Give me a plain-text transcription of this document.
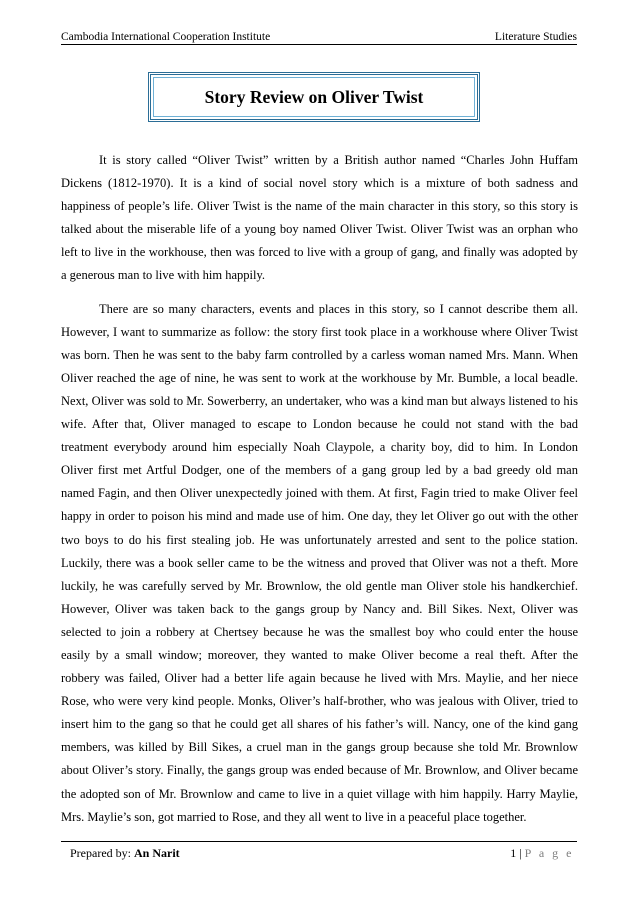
Cambodia International Cooperation Institute	Literature Studies
Story Review on Oliver Twist

It is story called “Oliver Twist” written by a British author named “Charles John Huffam Dickens (1812-1970). It is a kind of social novel story which is a mixture of both sadness and happiness of people’s life. Oliver Twist is the name of the main character in this story, so this story is talked about the miserable life of a young boy named Oliver Twist. Oliver Twist was an orphan who left to live in the workhouse, then was forced to live with a group of gang, and finally was adopted by a generous man to live with him happily.

There are so many characters, events and places in this story, so I cannot describe them all. However, I want to summarize as follow: the story first took place in a workhouse where Oliver Twist was born. Then he was sent to the baby farm controlled by a carless woman named Mrs. Mann. When Oliver reached the age of nine, he was sent to work at the workhouse by Mr. Bumble, a local beadle. Next, Oliver was sold to Mr. Sowerberry, an undertaker, who was a kind man but always listened to his wife. After that, Oliver managed to escape to London because he could not stand with the bad treatment everybody around him especially Noah Claypole, a charity boy, did to him. In London Oliver first met Artful Dodger, one of the members of a gang group led by a bad greedy old man named Fagin, and then Oliver unexpectedly joined with them. At first, Fagin tried to make Oliver feel happy in order to poison his mind and made use of him. One day, they let Oliver go out with the other two boys to do his first stealing job. He was unfortunately arrested and sent to the police station. Luckily, there was a book seller came to be the witness and proved that Oliver was not a theft. More luckily, he was carefully served by Mr. Brownlow, the old gentle man Oliver stole his handkerchief. However, Oliver was taken back to the gangs group by Nancy and. Bill Sikes. Next, Oliver was selected to join a robbery at Chertsey because he was the smallest boy who could enter the house easily by a small window; moreover, they wanted to make Oliver become a real theft. After the robbery was failed, Oliver had a better life again because he lived with Mrs. Maylie, and her niece Rose, who were very kind people. Monks, Oliver’s half-brother, who was jealous with Oliver, tried to insert him to the gang so that he could get all shares of his father’s will. Nancy, one of the kind gang members, was killed by Bill Sikes, a cruel man in the gangs group because she told Mr. Brownlow about Oliver’s story. Finally, the gangs group was ended because of Mr. Brownlow, and Oliver became the adopted son of Mr. Brownlow and came to live in a quiet village with him happily. Harry Maylie, Mrs. Maylie’s son, got married to Rose, and they all went to live in a peaceful place together.

Prepared by: An Narit	1 | P a g e
